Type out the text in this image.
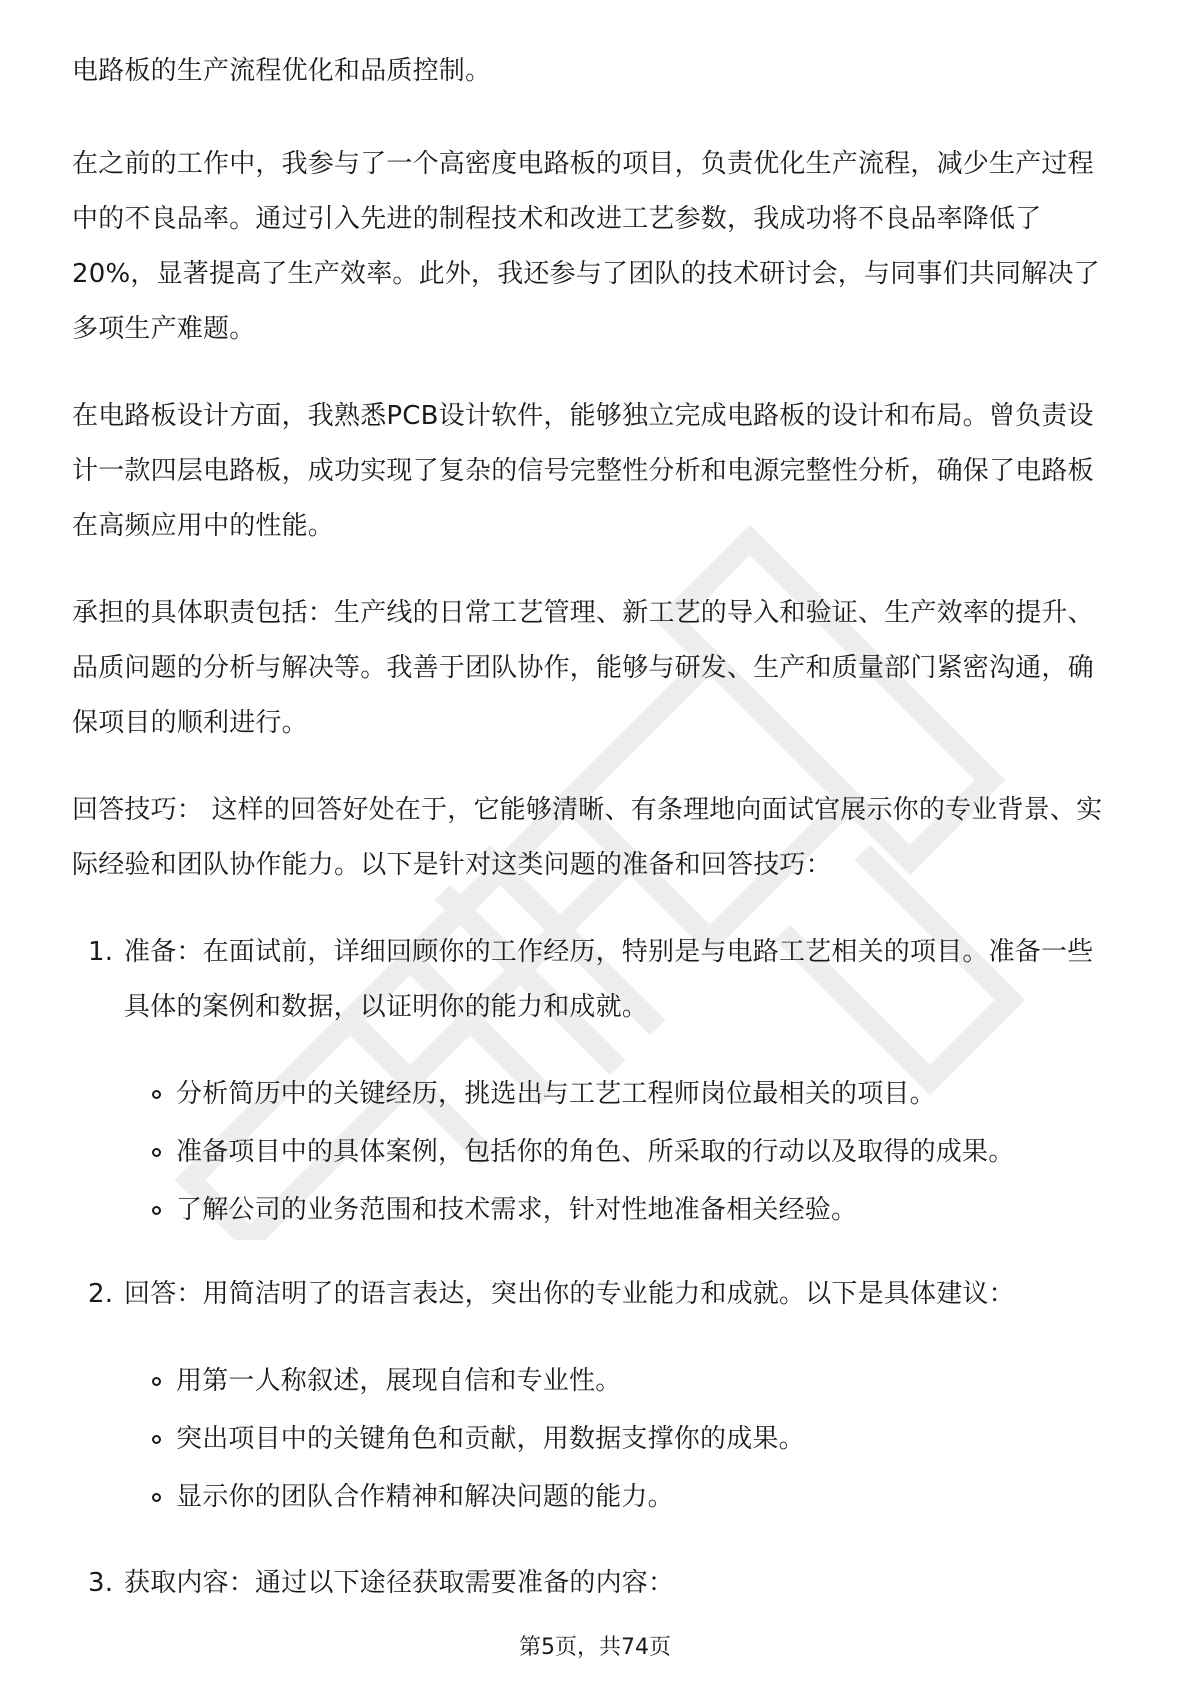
电路板的生产流程优化和品质控制。

在之前的工作中，我参与了一个高密度电路板的项目，负责优化生产流程，减少生产过程中的不良品率。通过引入先进的制程技术和改进工艺参数，我成功将不良品率降低了20%，显著提高了生产效率。此外，我还参与了团队的技术研讨会，与同事们共同解决了多项生产难题。

在电路板设计方面，我熟悉PCB设计软件，能够独立完成电路板的设计和布局。曾负责设计一款四层电路板，成功实现了复杂的信号完整性分析和电源完整性分析，确保了电路板在高频应用中的性能。

承担的具体职责包括：生产线的日常工艺管理、新工艺的导入和验证、生产效率的提升、品质问题的分析与解决等。我善于团队协作，能够与研发、生产和质量部门紧密沟通，确保项目的顺利进行。

回答技巧： 这样的回答好处在于，它能够清晰、有条理地向面试官展示你的专业背景、实际经验和团队协作能力。以下是针对这类问题的准备和回答技巧：

1. 准备：在面试前，详细回顾你的工作经历，特别是与电路工艺相关的项目。准备一些具体的案例和数据，以证明你的能力和成就。
分析简历中的关键经历，挑选出与工艺工程师岗位最相关的项目。
准备项目中的具体案例，包括你的角色、所采取的行动以及取得的成果。
了解公司的业务范围和技术需求，针对性地准备相关经验。
2. 回答：用简洁明了的语言表达，突出你的专业能力和成就。以下是具体建议：
用第一人称叙述，展现自信和专业性。
突出项目中的关键角色和贡献，用数据支撑你的成果。
显示你的团队合作精神和解决问题的能力。
3. 获取内容：通过以下途径获取需要准备的内容：
第5页，共74页
